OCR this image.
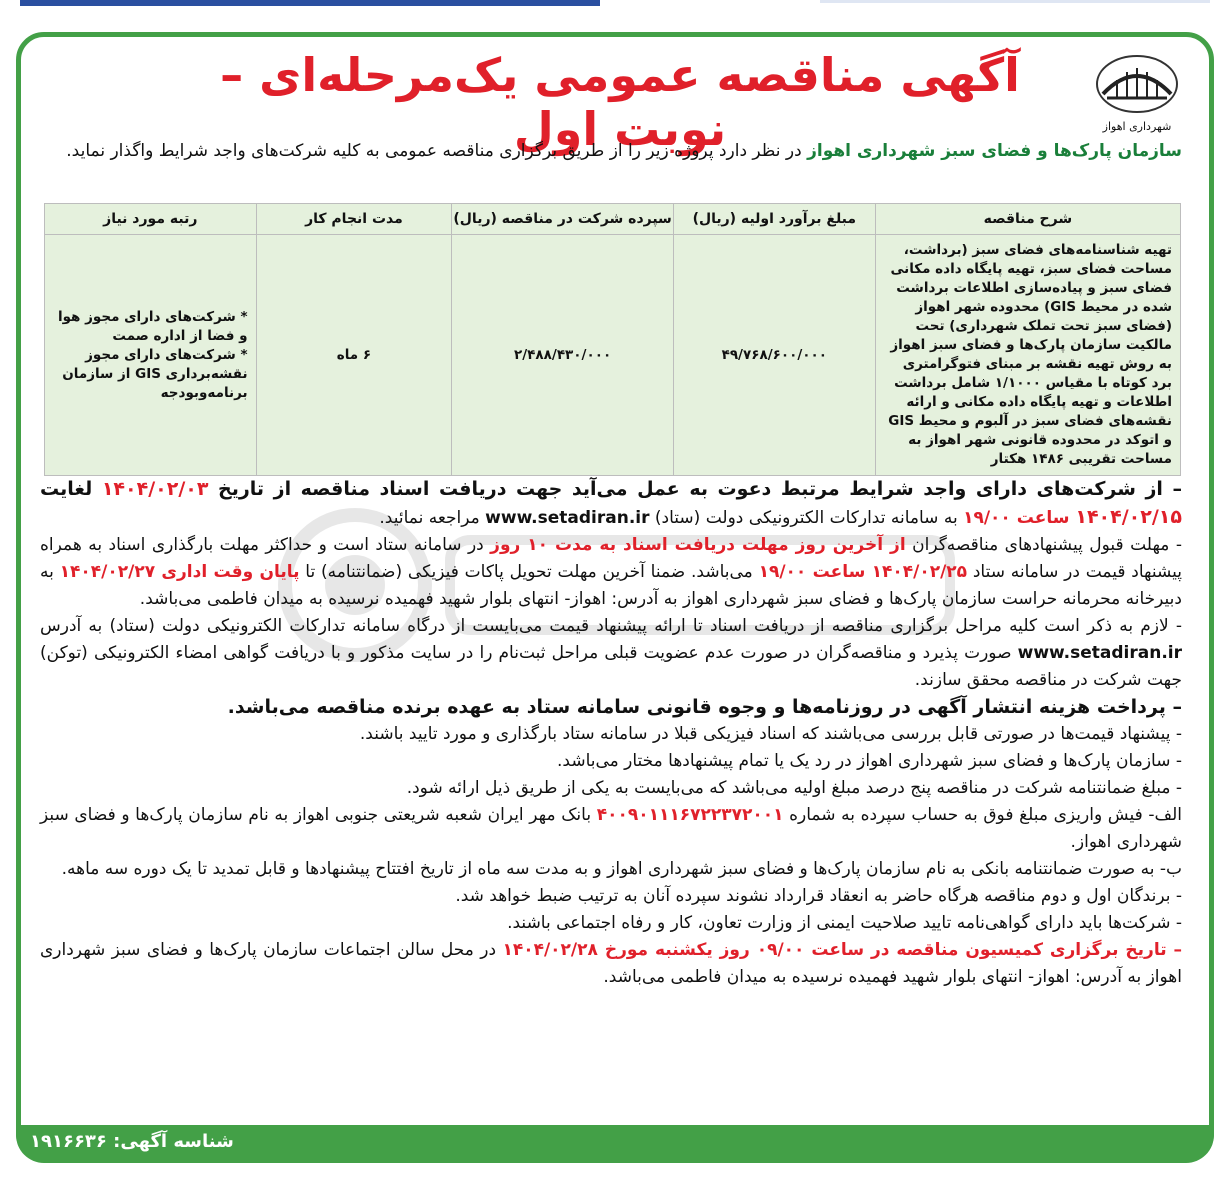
شهرداری اهواز
آگهی مناقصه عمومی یک‌مرحله‌ای – نوبت اول	سازمان پارک‌ها و فضای سبز شهرداری اهواز در نظر دارد پروژه زیر را از طریق برگزاری مناقصه عمومی به کلیه شرکت‌های واجد شرایط واگذار نماید.
شرح مناقصه	مبلغ برآورد اولیه (ریال)	سپرده شرکت در مناقصه (ریال)	مدت انجام کار	رتبه مورد نیاز
تهیه شناسنامه‌های فضای سبز (برداشت، مساحت فضای سبز، تهیه پایگاه داده مکانی فضای سبز و پیاده‌سازی اطلاعات برداشت شده در محیط GIS) محدوده شهر اهواز (فضای سبز تحت تملک شهرداری) تحت مالکیت سازمان پارک‌ها و فضای سبز اهواز به روش تهیه نقشه بر مبنای فتوگرامتری برد کوتاه با مقیاس ۱/۱۰۰۰ شامل برداشت اطلاعات و تهیه پایگاه داده مکانی و ارائه نقشه‌های فضای سبز در آلبوم و محیط GIS و اتوکد در محدوده قانونی شهر اهواز به مساحت تقریبی ۱۴۸۶ هکتار	۴۹/۷۶۸/۶۰۰/۰۰۰	۲/۴۸۸/۴۳۰/۰۰۰	۶ ماه	* شرکت‌های دارای مجوز هوا و فضا از اداره صمت
* شرکت‌های دارای مجوز نقشه‌برداری GIS از سازمان برنامه‌وبودجه

– از شرکت‌های دارای واجد شرایط مرتبط دعوت به عمل می‌آید جهت دریافت اسناد مناقصه از تاریخ ۱۴۰۴/۰۲/۰۳ لغایت ۱۴۰۴/۰۲/۱۵ ساعت ۱۹/۰۰ به سامانه تدارکات الکترونیکی دولت (ستاد) www.setadiran.ir مراجعه نمائید.

- مهلت قبول پیشنهادهای مناقصه‌گران از آخرین روز مهلت دریافت اسناد به مدت ۱۰ روز در سامانه ستاد است و حداکثر مهلت بارگذاری اسناد به همراه پیشنهاد قیمت در سامانه ستاد ۱۴۰۴/۰۲/۲۵ ساعت ۱۹/۰۰ می‌باشد. ضمنا آخرین مهلت تحویل پاکات فیزیکی (ضمانتنامه) تا پایان وقت اداری ۱۴۰۴/۰۲/۲۷ به دبیرخانه محرمانه حراست سازمان پارک‌ها و فضای سبز شهرداری اهواز به آدرس: اهواز- انتهای بلوار شهید فهمیده نرسیده به میدان فاطمی می‌باشد.

- لازم به ذکر است کلیه مراحل برگزاری مناقصه از دریافت اسناد تا ارائه پیشنهاد قیمت می‌بایست از درگاه سامانه تدارکات الکترونیکی دولت (ستاد) به آدرس www.setadiran.ir صورت پذیرد و مناقصه‌گران در صورت عدم عضویت قبلی مراحل ثبت‌نام را در سایت مذکور و با دریافت گواهی امضاء الکترونیکی (توکن) جهت شرکت در مناقصه محقق سازند.

– پرداخت هزینه انتشار آگهی در روزنامه‌ها و وجوه قانونی سامانه ستاد به عهده برنده مناقصه می‌باشد.

- پیشنهاد قیمت‌ها در صورتی قابل بررسی می‌باشند که اسناد فیزیکی قبلا در سامانه ستاد بارگذاری و مورد تایید باشند.

- سازمان پارک‌ها و فضای سبز شهرداری اهواز در رد یک یا تمام پیشنهادها مختار می‌باشد.

- مبلغ ضمانتنامه شرکت در مناقصه پنج درصد مبلغ اولیه می‌باشد که می‌بایست به یکی از طریق ذیل ارائه شود.

الف- فیش واریزی مبلغ فوق به حساب سپرده به شماره ۴۰۰۹۰۱۱۱۶۷۲۲۳۷۲۰۰۱ بانک مهر ایران شعبه شریعتی جنوبی اهواز به نام سازمان پارک‌ها و فضای سبز شهرداری اهواز.

ب- به صورت ضمانتنامه بانکی به نام سازمان پارک‌ها و فضای سبز شهرداری اهواز و به مدت سه ماه از تاریخ افتتاح پیشنهادها و قابل تمدید تا یک دوره سه ماهه.

- برندگان اول و دوم مناقصه هرگاه حاضر به انعقاد قرارداد نشوند سپرده آنان به ترتیب ضبط خواهد شد.

- شرکت‌ها باید دارای گواهی‌نامه تایید صلاحیت ایمنی از وزارت تعاون، کار و رفاه اجتماعی باشند.

– تاریخ برگزاری کمیسیون مناقصه در ساعت ۰۹/۰۰ روز یکشنبه مورخ ۱۴۰۴/۰۲/۲۸ در محل سالن اجتماعات سازمان پارک‌ها و فضای سبز شهرداری اهواز به آدرس: اهواز- انتهای بلوار شهید فهمیده نرسیده به میدان فاطمی می‌باشد.

شناسه آگهی: ۱۹۱۶۶۳۶
